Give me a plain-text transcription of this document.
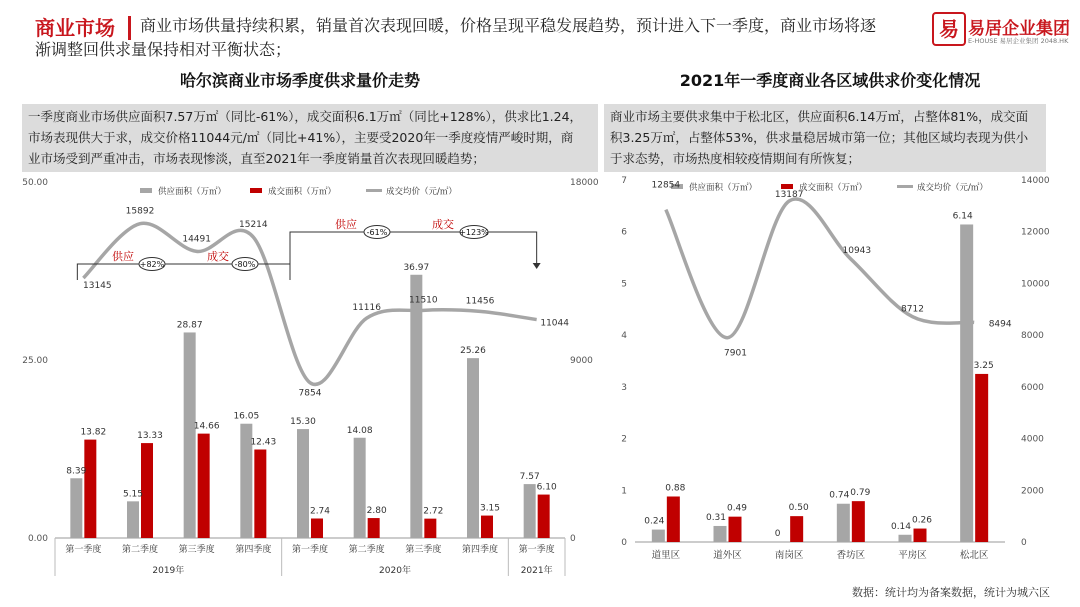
商业市场 商业市场供量持续积累，销量首次表现回暖，价格呈现平稳发展趋势，预计进入下一季度，商业市场将逐
渐调整回供求量保持相对平衡状态；
易 易居企业集团
E-HOUSE 易居企业集团 2048.HK
哈尔滨商业市场季度供求量价走势	2021年一季度商业各区域供求价变化情况
一季度商业市场供应面积7.57万㎡（同比-61%），成交面积6.1万㎡（同比+128%），供求比1.24，
市场表现供大于求，成交价格11044元/㎡（同比+41%），主要受2020年一季度疫情严峻时期，商
业市场受到严重冲击，市场表现惨淡，直至2021年一季度销量首次表现回暖趋势；
商业市场主要供求集中于松北区，供应面积6.14万㎡，占整体81%，成交面
积3.25万㎡，占整体53%，供求量稳居城市第一位；其他区域均表现为供小
于求态势，市场热度相较疫情期间有所恢复；
0.00
25.00
50.00
0
9000
18000
供应面积（万㎡）	成交面积（万㎡）	成交均价（元/㎡）
8.39
13.82
第一季度
5.15
13.33
第二季度
28.87
14.66
第三季度
16.05
12.43
第四季度
15.30
2.74
第一季度
14.08
2.80
第二季度
36.97
2.72
第三季度
25.26
3.15
第四季度
7.57
6.10
第一季度
2019年	2020年	2021年
13145
15892
14491
15214
7854
11116
11510	11456
11044
供应	成交
+82%	-80%
供应	成交
-61%	+123%
0
1
2
3
4
5
6
7
0
2000
4000
6000
8000
10000
12000
14000
供应面积（万㎡）	成交面积（万㎡）	成交均价（元/㎡）
0.24
0.88
道里区
0.31
0.49
道外区
0
0.50
南岗区
0.74 0.79
香坊区
0.14
0.26
平房区
6.14
3.25
松北区
12854
7901
13187
10943
8712
8494
数据：统计均为备案数据，统计为城六区
